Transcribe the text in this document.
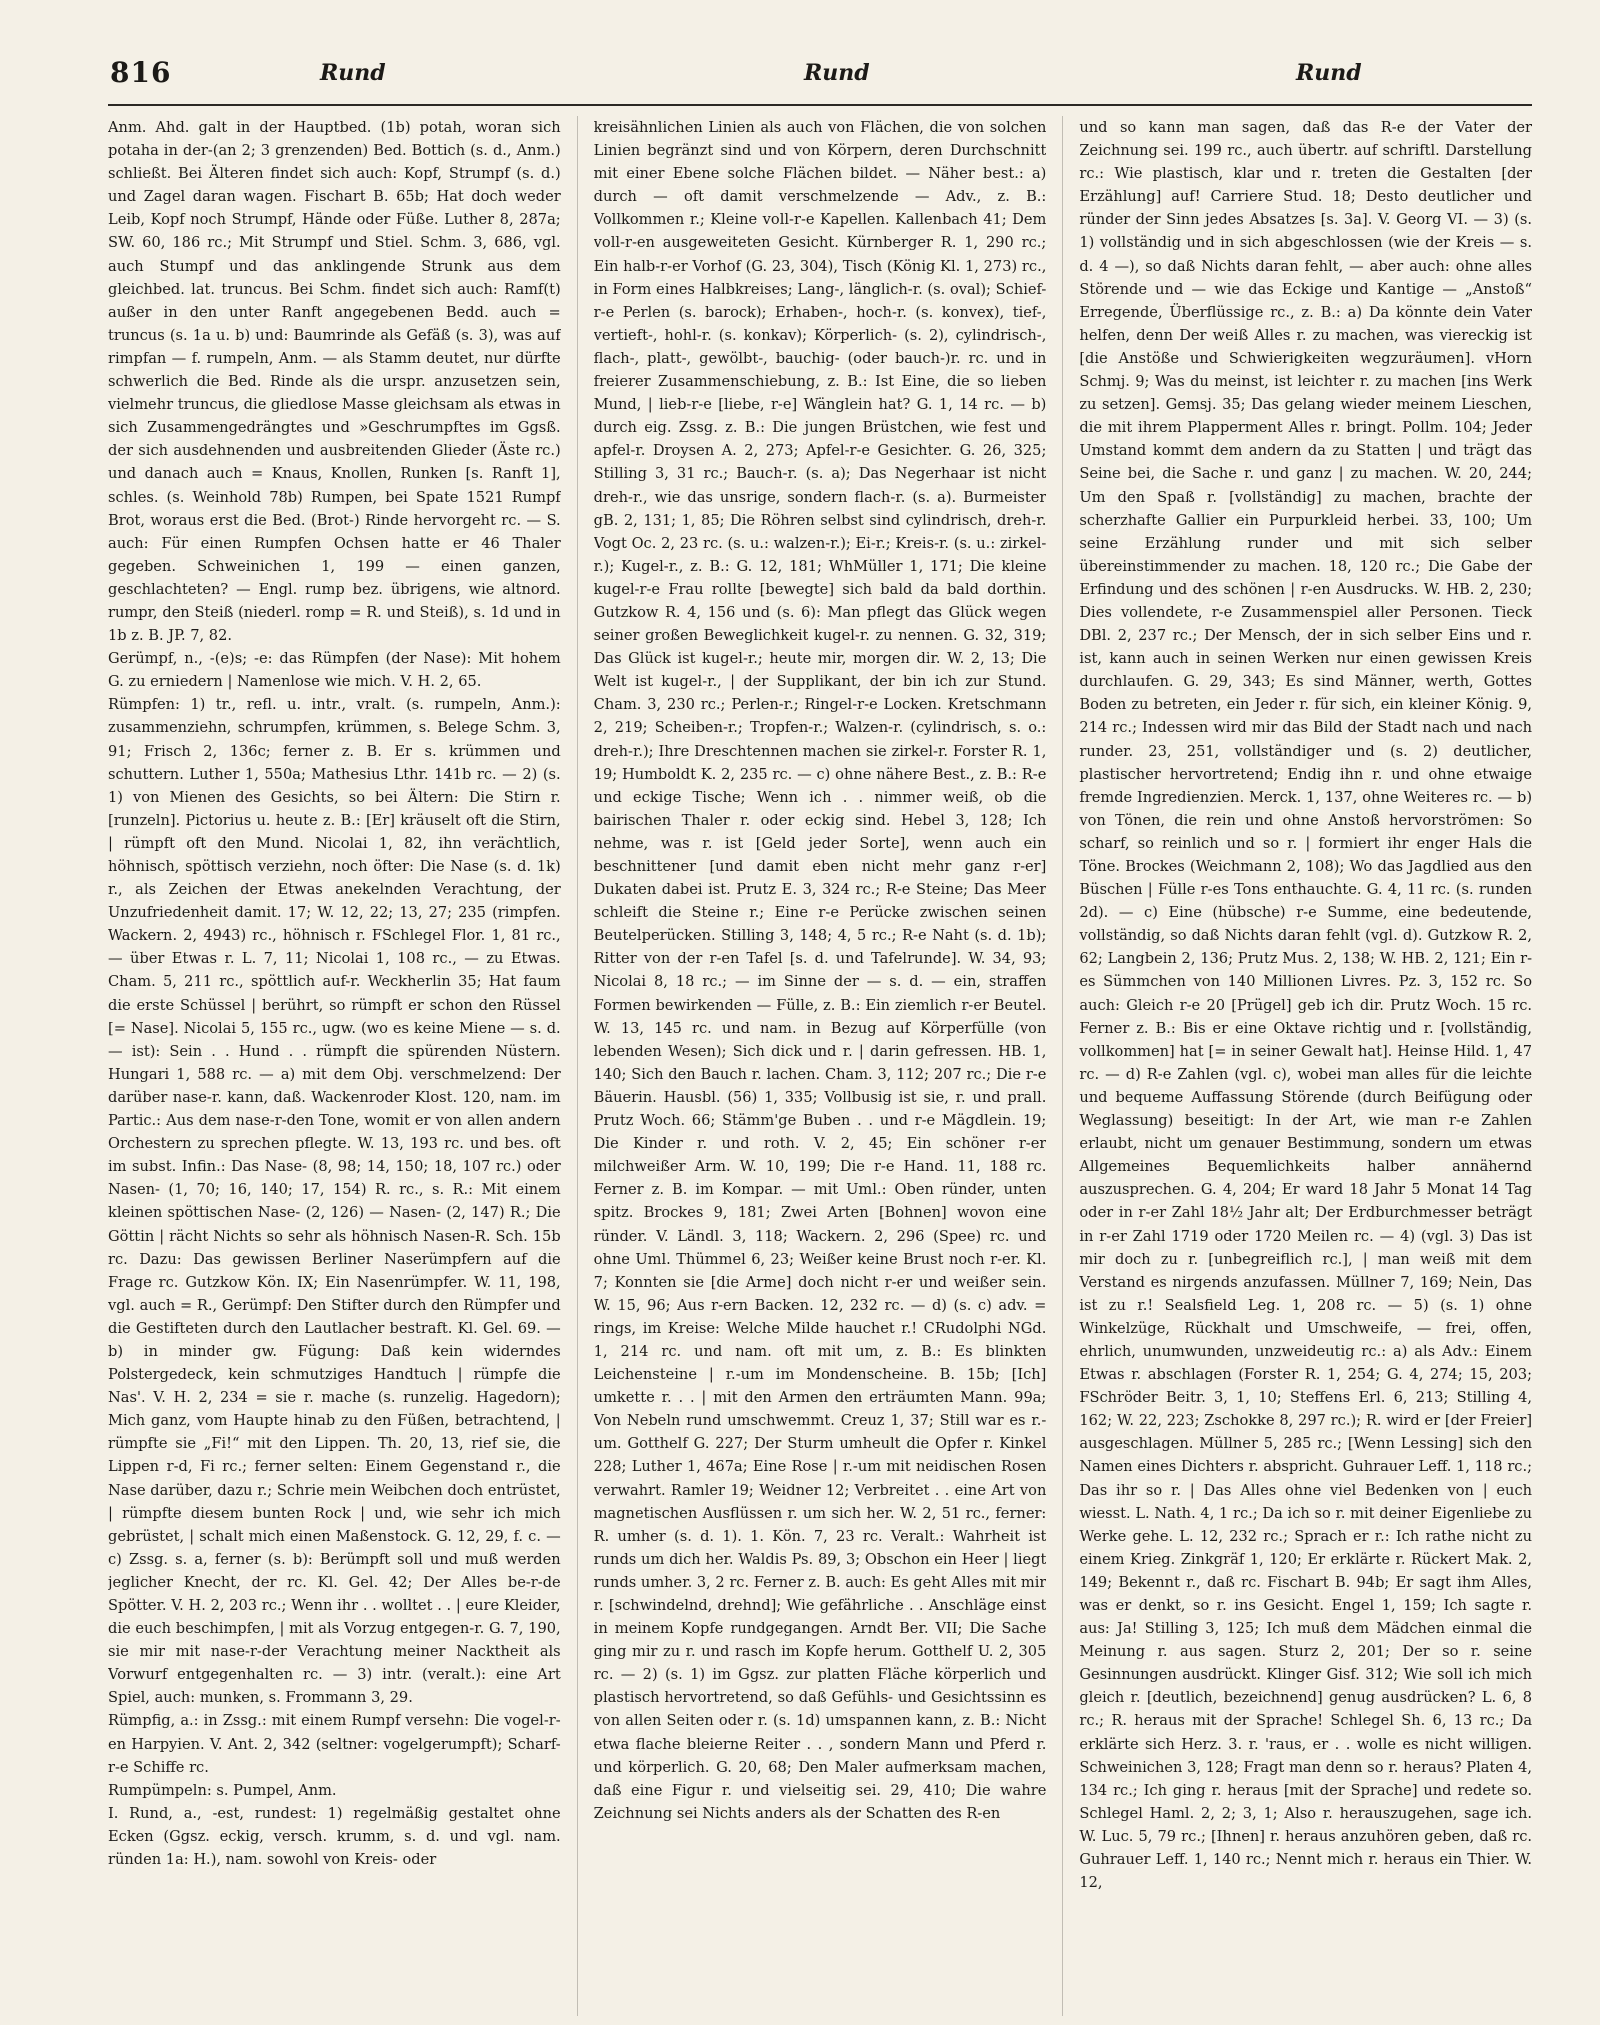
816	Rund	Rund	Rund

Anm. Ahd. galt in der Hauptbed. (1b) potah, woran sich potaha in der-(an 2; 3 grenzenden) Bed. Bottich (s. d., Anm.) schließt. Bei Älteren findet sich auch: Kopf, Strumpf (s. d.) und Zagel daran wagen. Fischart B. 65b; Hat doch weder Leib, Kopf noch Strumpf, Hände oder Füße. Luther 8, 287a; SW. 60, 186 rc.; Mit Strumpf und Stiel. Schm. 3, 686, vgl. auch Stumpf und das anklingende Strunk aus dem gleichbed. lat. truncus. Bei Schm. findet sich auch: Ramf(t) außer in den unter Ranft angegebenen Bedd. auch = truncus (s. 1a u. b) und: Baumrinde als Gefäß (s. 3), was auf rimpfan — f. rumpeln, Anm. — als Stamm deutet, nur dürfte schwerlich die Bed. Rinde als die urspr. anzusetzen sein, vielmehr truncus, die gliedlose Masse gleichsam als etwas in sich Zusammengedrängtes und »Geschrumpftes im Ggsß. der sich ausdehnenden und ausbreitenden Glieder (Äste rc.) und danach auch = Knaus, Knollen, Runken [s. Ranft 1], schles. (s. Weinhold 78b) Rumpen, bei Spate 1521 Rumpf Brot, woraus erst die Bed. (Brot-) Rinde hervorgeht rc. — S. auch: Für einen Rumpfen Ochsen hatte er 46 Thaler gegeben. Schweinichen 1, 199 — einen ganzen, geschlachteten? — Engl. rump bez. übrigens, wie altnord. rumpr, den Steiß (niederl. romp = R. und Steiß), s. 1d und in 1b z. B. JP. 7, 82.

Gerümpf, n., -(e)s; -e: das Rümpfen (der Nase): Mit hohem G. zu erniedern | Namenlose wie mich. V. H. 2, 65.

Rümpfen: 1) tr., refl. u. intr., vralt. (s. rumpeln, Anm.): zusammenziehn, schrumpfen, krümmen, s. Belege Schm. 3, 91; Frisch 2, 136c; ferner z. B. Er s. krümmen und schuttern. Luther 1, 550a; Mathesius Lthr. 141b rc. — 2) (s. 1) von Mienen des Gesichts, so bei Ältern: Die Stirn r. [runzeln]. Pictorius u. heute z. B.: [Er] kräuselt oft die Stirn, | rümpft oft den Mund. Nicolai 1, 82, ihn verächtlich, höhnisch, spöttisch verziehn, noch öfter: Die Nase (s. d. 1k) r., als Zeichen der Etwas anekelnden Verachtung, der Unzufriedenheit damit. 17; W. 12, 22; 13, 27; 235 (rimpfen. Wackern. 2, 4943) rc., höhnisch r. FSchlegel Flor. 1, 81 rc., — über Etwas r. L. 7, 11; Nicolai 1, 108 rc., — zu Etwas. Cham. 5, 211 rc., spöttlich auf-r. Weckherlin 35; Hat faum die erste Schüssel | berührt, so rümpft er schon den Rüssel [= Nase]. Nicolai 5, 155 rc., ugw. (wo es keine Miene — s. d. — ist): Sein . . Hund . . rümpft die spürenden Nüstern. Hungari 1, 588 rc. — a) mit dem Obj. verschmelzend: Der darüber nase-r. kann, daß. Wackenroder Klost. 120, nam. im Partic.: Aus dem nase-r-den Tone, womit er von allen andern Orchestern zu sprechen pflegte. W. 13, 193 rc. und bes. oft im subst. Infin.: Das Nase- (8, 98; 14, 150; 18, 107 rc.) oder Nasen- (1, 70; 16, 140; 17, 154) R. rc., s. R.: Mit einem kleinen spöttischen Nase- (2, 126) — Nasen- (2, 147) R.; Die Göttin | rächt Nichts so sehr als höhnisch Nasen-R. Sch. 15b rc. Dazu: Das gewissen Berliner Naserümpfern auf die Frage rc. Gutzkow Kön. IX; Ein Nasenrümpfer. W. 11, 198, vgl. auch = R., Gerümpf: Den Stifter durch den Rümpfer und die Gestifteten durch den Lautlacher bestraft. Kl. Gel. 69. — b) in minder gw. Fügung: Daß kein widerndes Polstergedeck, kein schmutziges Handtuch | rümpfe die Nas'. V. H. 2, 234 = sie r. mache (s. runzelig. Hagedorn); Mich ganz, vom Haupte hinab zu den Füßen, betrachtend, | rümpfte sie „Fi!“ mit den Lippen. Th. 20, 13, rief sie, die Lippen r-d, Fi rc.; ferner selten: Einem Gegenstand r., die Nase darüber, dazu r.; Schrie mein Weibchen doch entrüstet, | rümpfte diesem bunten Rock | und, wie sehr ich mich gebrüstet, | schalt mich einen Maßenstock. G. 12, 29, f. c. — c) Zssg. s. a, ferner (s. b): Berümpft soll und muß werden jeglicher Knecht, der rc. Kl. Gel. 42; Der Alles be-r-de Spötter. V. H. 2, 203 rc.; Wenn ihr . . wolltet . . | eure Kleider, die euch beschimpfen, | mit als Vorzug entgegen-r. G. 7, 190, sie mir mit nase-r-der Verachtung meiner Nacktheit als Vorwurf entgegenhalten rc. — 3) intr. (veralt.): eine Art Spiel, auch: munken, s. Frommann 3, 29.

Rümpfig, a.: in Zssg.: mit einem Rumpf versehn: Die vogel-r-en Harpyien. V. Ant. 2, 342 (seltner: vogelgerumpft); Scharf-r-e Schiffe rc.

Rumpümpeln: s. Pumpel, Anm.

I. Rund, a., -est, rundest: 1) regelmäßig gestaltet ohne Ecken (Ggsz. eckig, versch. krumm, s. d. und vgl. nam. ründen 1a: H.), nam. sowohl von Kreis- oder

kreisähnlichen Linien als auch von Flächen, die von solchen Linien begränzt sind und von Körpern, deren Durchschnitt mit einer Ebene solche Flächen bildet. — Näher best.: a) durch — oft damit verschmelzende — Adv., z. B.: Vollkommen r.; Kleine voll-r-e Kapellen. Kallenbach 41; Dem voll-r-en ausgeweiteten Gesicht. Kürnberger R. 1, 290 rc.; Ein halb-r-er Vorhof (G. 23, 304), Tisch (König Kl. 1, 273) rc., in Form eines Halbkreises; Lang-, länglich-r. (s. oval); Schief-r-e Perlen (s. barock); Erhaben-, hoch-r. (s. konvex), tief-, vertieft-, hohl-r. (s. konkav); Körperlich- (s. 2), cylindrisch-, flach-, platt-, gewölbt-, bauchig- (oder bauch-)r. rc. und in freierer Zusammenschiebung, z. B.: Ist Eine, die so lieben Mund, | lieb-r-e [liebe, r-e] Wänglein hat? G. 1, 14 rc. — b) durch eig. Zssg. z. B.: Die jungen Brüstchen, wie fest und apfel-r. Droysen A. 2, 273; Apfel-r-e Gesichter. G. 26, 325; Stilling 3, 31 rc.; Bauch-r. (s. a); Das Negerhaar ist nicht dreh-r., wie das unsrige, sondern flach-r. (s. a). Burmeister gB. 2, 131; 1, 85; Die Röhren selbst sind cylindrisch, dreh-r. Vogt Oc. 2, 23 rc. (s. u.: walzen-r.); Ei-r.; Kreis-r. (s. u.: zirkel-r.); Kugel-r., z. B.: G. 12, 181; WhMüller 1, 171; Die kleine kugel-r-e Frau rollte [bewegte] sich bald da bald dorthin. Gutzkow R. 4, 156 und (s. 6): Man pflegt das Glück wegen seiner großen Beweglichkeit kugel-r. zu nennen. G. 32, 319; Das Glück ist kugel-r.; heute mir, morgen dir. W. 2, 13; Die Welt ist kugel-r., | der Supplikant, der bin ich zur Stund. Cham. 3, 230 rc.; Perlen-r.; Ringel-r-e Locken. Kretschmann 2, 219; Scheiben-r.; Tropfen-r.; Walzen-r. (cylindrisch, s. o.: dreh-r.); Ihre Dreschtennen machen sie zirkel-r. Forster R. 1, 19; Humboldt K. 2, 235 rc. — c) ohne nähere Best., z. B.: R-e und eckige Tische; Wenn ich . . nimmer weiß, ob die bairischen Thaler r. oder eckig sind. Hebel 3, 128; Ich nehme, was r. ist [Geld jeder Sorte], wenn auch ein beschnittener [und damit eben nicht mehr ganz r-er] Dukaten dabei ist. Prutz E. 3, 324 rc.; R-e Steine; Das Meer schleift die Steine r.; Eine r-e Perücke zwischen seinen Beutelperücken. Stilling 3, 148; 4, 5 rc.; R-e Naht (s. d. 1b); Ritter von der r-en Tafel [s. d. und Tafelrunde]. W. 34, 93; Nicolai 8, 18 rc.; — im Sinne der — s. d. — ein, straffen Formen bewirkenden — Fülle, z. B.: Ein ziemlich r-er Beutel. W. 13, 145 rc. und nam. in Bezug auf Körperfülle (von lebenden Wesen); Sich dick und r. | darin gefressen. HB. 1, 140; Sich den Bauch r. lachen. Cham. 3, 112; 207 rc.; Die r-e Bäuerin. Hausbl. (56) 1, 335; Vollbusig ist sie, r. und prall. Prutz Woch. 66; Stämm'ge Buben . . und r-e Mägdlein. 19; Die Kinder r. und roth. V. 2, 45; Ein schöner r-er milchweißer Arm. W. 10, 199; Die r-e Hand. 11, 188 rc. Ferner z. B. im Kompar. — mit Uml.: Oben ründer, unten spitz. Brockes 9, 181; Zwei Arten [Bohnen] wovon eine ründer. V. Ländl. 3, 118; Wackern. 2, 296 (Spee) rc. und ohne Uml. Thümmel 6, 23; Weißer keine Brust noch r-er. Kl. 7; Konnten sie [die Arme] doch nicht r-er und weißer sein. W. 15, 96; Aus r-ern Backen. 12, 232 rc. — d) (s. c) adv. = rings, im Kreise: Welche Milde hauchet r.! CRudolphi NGd. 1, 214 rc. und nam. oft mit um, z. B.: Es blinkten Leichensteine | r.-um im Mondenscheine. B. 15b; [Ich] umkette r. . . | mit den Armen den erträumten Mann. 99a; Von Nebeln rund umschwemmt. Creuz 1, 37; Still war es r.-um. Gotthelf G. 227; Der Sturm umheult die Opfer r. Kinkel 228; Luther 1, 467a; Eine Rose | r.-um mit neidischen Rosen verwahrt. Ramler 19; Weidner 12; Verbreitet . . eine Art von magnetischen Ausflüssen r. um sich her. W. 2, 51 rc., ferner: R. umher (s. d. 1). 1. Kön. 7, 23 rc. Veralt.: Wahrheit ist runds um dich her. Waldis Ps. 89, 3; Obschon ein Heer | liegt runds umher. 3, 2 rc. Ferner z. B. auch: Es geht Alles mit mir r. [schwindelnd, drehnd]; Wie gefährliche . . Anschläge einst in meinem Kopfe rundgegangen. Arndt Ber. VII; Die Sache ging mir zu r. und rasch im Kopfe herum. Gotthelf U. 2, 305 rc. — 2) (s. 1) im Ggsz. zur platten Fläche körperlich und plastisch hervortretend, so daß Gefühls- und Gesichtssinn es von allen Seiten oder r. (s. 1d) umspannen kann, z. B.: Nicht etwa flache bleierne Reiter . . , sondern Mann und Pferd r. und körperlich. G. 20, 68; Den Maler aufmerksam machen, daß eine Figur r. und vielseitig sei. 29, 410; Die wahre Zeichnung sei Nichts anders als der Schatten des R-en

und so kann man sagen, daß das R-e der Vater der Zeichnung sei. 199 rc., auch übertr. auf schriftl. Darstellung rc.: Wie plastisch, klar und r. treten die Gestalten [der Erzählung] auf! Carriere Stud. 18; Desto deutlicher und ründer der Sinn jedes Absatzes [s. 3a]. V. Georg VI. — 3) (s. 1) vollständig und in sich abgeschlossen (wie der Kreis — s. d. 4 —), so daß Nichts daran fehlt, — aber auch: ohne alles Störende und — wie das Eckige und Kantige — „Anstoß“ Erregende, Überflüssige rc., z. B.: a) Da könnte dein Vater helfen, denn Der weiß Alles r. zu machen, was viereckig ist [die Anstöße und Schwierigkeiten wegzuräumen]. vHorn Schmj. 9; Was du meinst, ist leichter r. zu machen [ins Werk zu setzen]. Gemsj. 35; Das gelang wieder meinem Lieschen, die mit ihrem Plapperment Alles r. bringt. Pollm. 104; Jeder Umstand kommt dem andern da zu Statten | und trägt das Seine bei, die Sache r. und ganz | zu machen. W. 20, 244; Um den Spaß r. [vollständig] zu machen, brachte der scherzhafte Gallier ein Purpurkleid herbei. 33, 100; Um seine Erzählung runder und mit sich selber übereinstimmender zu machen. 18, 120 rc.; Die Gabe der Erfindung und des schönen | r-en Ausdrucks. W. HB. 2, 230; Dies vollendete, r-e Zusammenspiel aller Personen. Tieck DBl. 2, 237 rc.; Der Mensch, der in sich selber Eins und r. ist, kann auch in seinen Werken nur einen gewissen Kreis durchlaufen. G. 29, 343; Es sind Männer, werth, Gottes Boden zu betreten, ein Jeder r. für sich, ein kleiner König. 9, 214 rc.; Indessen wird mir das Bild der Stadt nach und nach runder. 23, 251, vollständiger und (s. 2) deutlicher, plastischer hervortretend; Endig ihn r. und ohne etwaige fremde Ingredienzien. Merck. 1, 137, ohne Weiteres rc. — b) von Tönen, die rein und ohne Anstoß hervorströmen: So scharf, so reinlich und so r. | formiert ihr enger Hals die Töne. Brockes (Weichmann 2, 108); Wo das Jagdlied aus den Büschen | Fülle r-es Tons enthauchte. G. 4, 11 rc. (s. runden 2d). — c) Eine (hübsche) r-e Summe, eine bedeutende, vollständig, so daß Nichts daran fehlt (vgl. d). Gutzkow R. 2, 62; Langbein 2, 136; Prutz Mus. 2, 138; W. HB. 2, 121; Ein r-es Sümmchen von 140 Millionen Livres. Pz. 3, 152 rc. So auch: Gleich r-e 20 [Prügel] geb ich dir. Prutz Woch. 15 rc. Ferner z. B.: Bis er eine Oktave richtig und r. [vollständig, vollkommen] hat [= in seiner Gewalt hat]. Heinse Hild. 1, 47 rc. — d) R-e Zahlen (vgl. c), wobei man alles für die leichte und bequeme Auffassung Störende (durch Beifügung oder Weglassung) beseitigt: In der Art, wie man r-e Zahlen erlaubt, nicht um genauer Bestimmung, sondern um etwas Allgemeines Bequemlichkeits halber annähernd auszusprechen. G. 4, 204; Er ward 18 Jahr 5 Monat 14 Tag oder in r-er Zahl 18½ Jahr alt; Der Erdburchmesser beträgt in r-er Zahl 1719 oder 1720 Meilen rc. — 4) (vgl. 3) Das ist mir doch zu r. [unbegreiflich rc.], | man weiß mit dem Verstand es nirgends anzufassen. Müllner 7, 169; Nein, Das ist zu r.! Sealsfield Leg. 1, 208 rc. — 5) (s. 1) ohne Winkelzüge, Rückhalt und Umschweife, — frei, offen, ehrlich, unumwunden, unzweideutig rc.: a) als Adv.: Einem Etwas r. abschlagen (Forster R. 1, 254; G. 4, 274; 15, 203; FSchröder Beitr. 3, 1, 10; Steffens Erl. 6, 213; Stilling 4, 162; W. 22, 223; Zschokke 8, 297 rc.); R. wird er [der Freier] ausgeschlagen. Müllner 5, 285 rc.; [Wenn Lessing] sich den Namen eines Dichters r. abspricht. Guhrauer Leff. 1, 118 rc.; Das ihr so r. | Das Alles ohne viel Bedenken von | euch wiesst. L. Nath. 4, 1 rc.; Da ich so r. mit deiner Eigenliebe zu Werke gehe. L. 12, 232 rc.; Sprach er r.: Ich rathe nicht zu einem Krieg. Zinkgräf 1, 120; Er erklärte r. Rückert Mak. 2, 149; Bekennt r., daß rc. Fischart B. 94b; Er sagt ihm Alles, was er denkt, so r. ins Gesicht. Engel 1, 159; Ich sagte r. aus: Ja! Stilling 3, 125; Ich muß dem Mädchen einmal die Meinung r. aus sagen. Sturz 2, 201; Der so r. seine Gesinnungen ausdrückt. Klinger Gisf. 312; Wie soll ich mich gleich r. [deutlich, bezeichnend] genug ausdrücken? L. 6, 8 rc.; R. heraus mit der Sprache! Schlegel Sh. 6, 13 rc.; Da erklärte sich Herz. 3. r. 'raus, er . . wolle es nicht willigen. Schweinichen 3, 128; Fragt man denn so r. heraus? Platen 4, 134 rc.; Ich ging r. heraus [mit der Sprache] und redete so. Schlegel Haml. 2, 2; 3, 1; Also r. herauszugehen, sage ich. W. Luc. 5, 79 rc.; [Ihnen] r. heraus anzuhören geben, daß rc. Guhrauer Leff. 1, 140 rc.; Nennt mich r. heraus ein Thier. W. 12,
